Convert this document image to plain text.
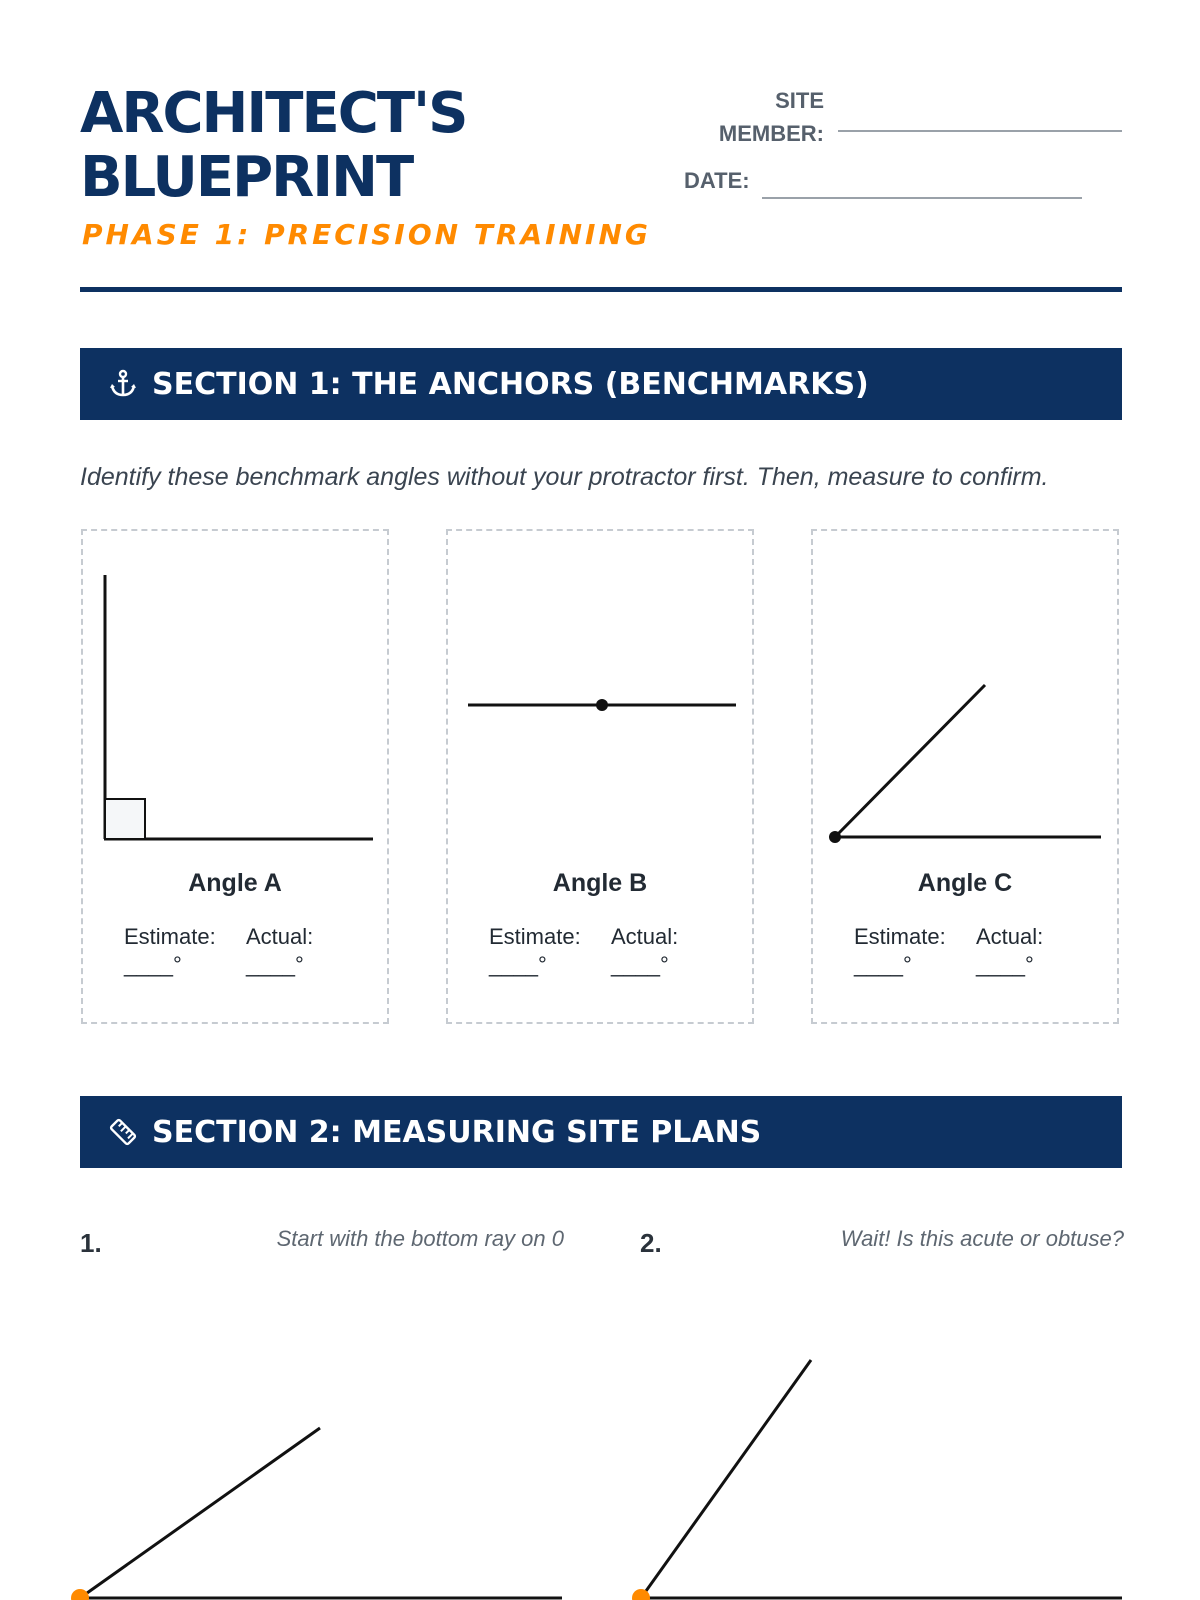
ARCHITECT'S
BLUEPRINT
PHASE 1: PRECISION TRAINING
SITE
MEMBER:
DATE:
SECTION 1: THE ANCHORS (BENCHMARKS)
Identify these benchmark angles without your protractor first. Then, measure to confirm.
Angle A
Estimate:
____°
Actual:
____°
Angle B
Estimate:
____°
Actual:
____°
Angle C
Estimate:
____°
Actual:
____°
SECTION 2: MEASURING SITE PLANS
1.	Start with the bottom ray on 0	2.	Wait! Is this acute or obtuse?
